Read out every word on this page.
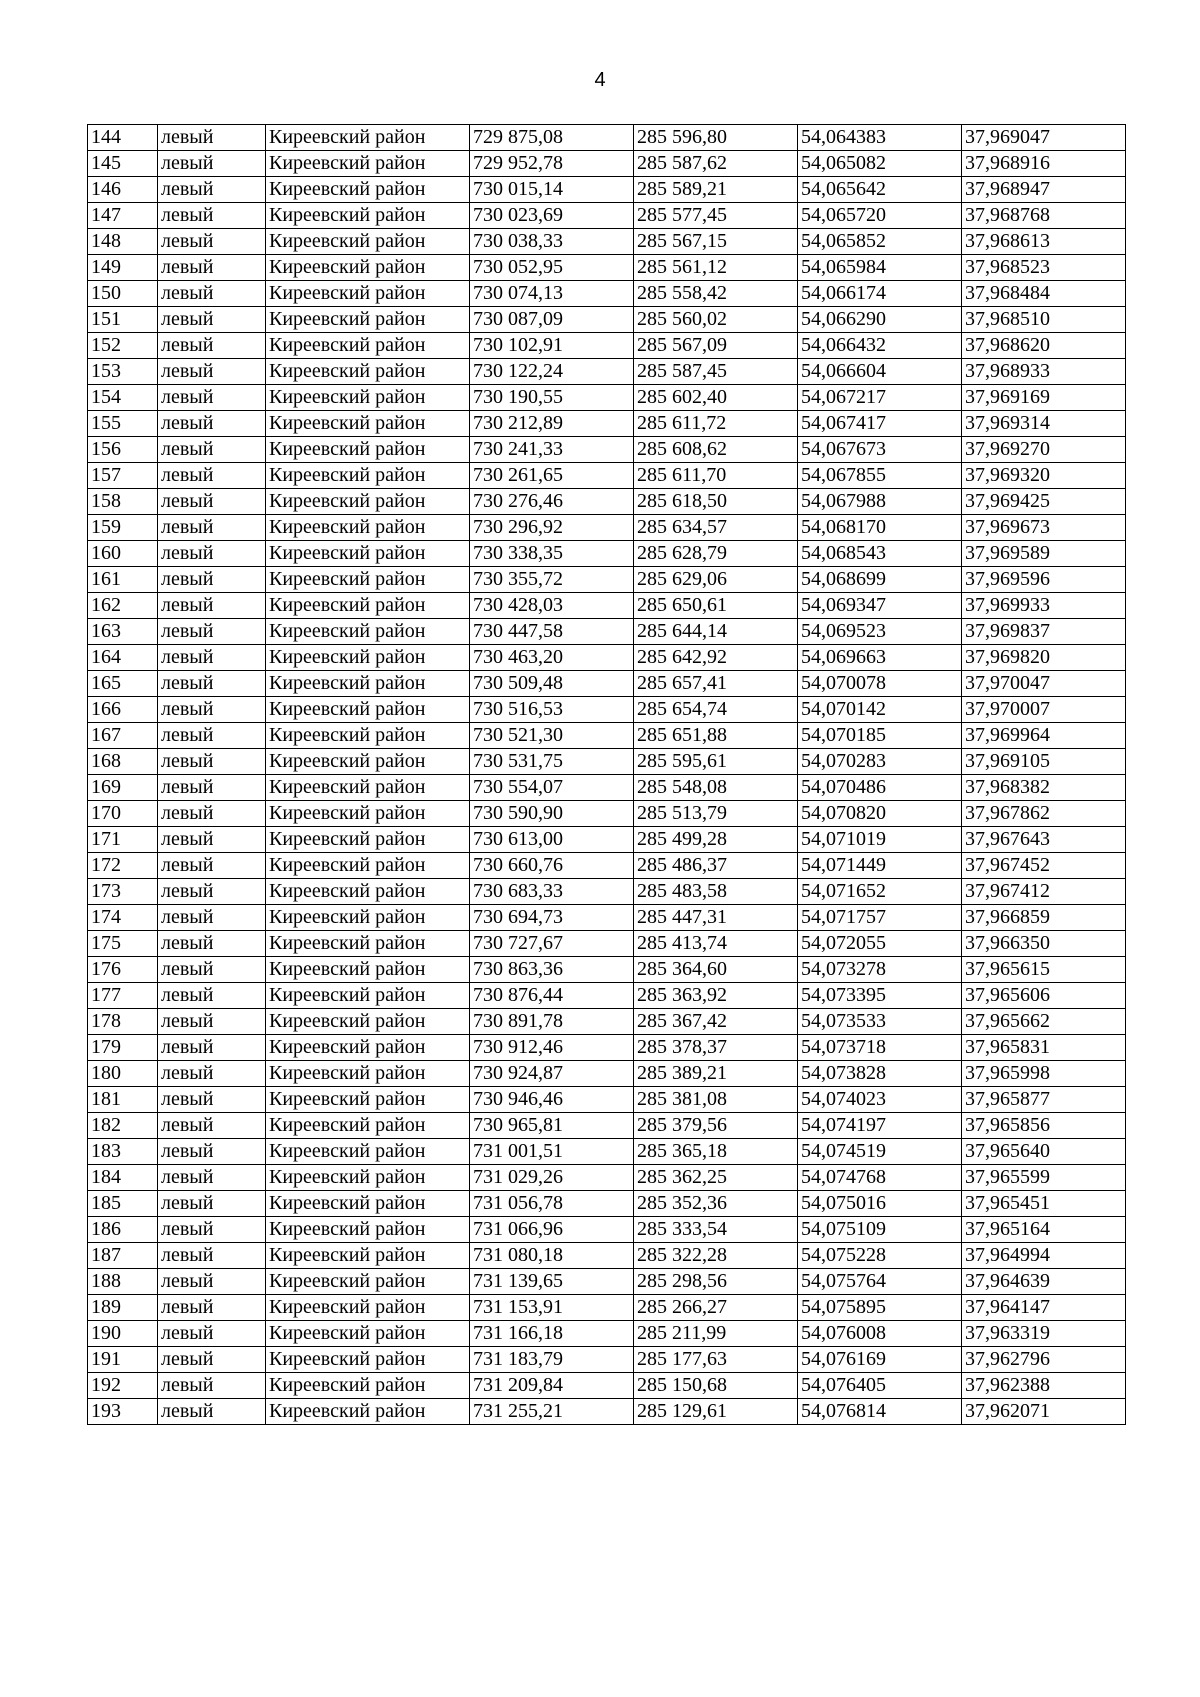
4
144	левый	Киреевский район	729 875,08	285 596,80	54,064383	37,969047
145	левый	Киреевский район	729 952,78	285 587,62	54,065082	37,968916
146	левый	Киреевский район	730 015,14	285 589,21	54,065642	37,968947
147	левый	Киреевский район	730 023,69	285 577,45	54,065720	37,968768
148	левый	Киреевский район	730 038,33	285 567,15	54,065852	37,968613
149	левый	Киреевский район	730 052,95	285 561,12	54,065984	37,968523
150	левый	Киреевский район	730 074,13	285 558,42	54,066174	37,968484
151	левый	Киреевский район	730 087,09	285 560,02	54,066290	37,968510
152	левый	Киреевский район	730 102,91	285 567,09	54,066432	37,968620
153	левый	Киреевский район	730 122,24	285 587,45	54,066604	37,968933
154	левый	Киреевский район	730 190,55	285 602,40	54,067217	37,969169
155	левый	Киреевский район	730 212,89	285 611,72	54,067417	37,969314
156	левый	Киреевский район	730 241,33	285 608,62	54,067673	37,969270
157	левый	Киреевский район	730 261,65	285 611,70	54,067855	37,969320
158	левый	Киреевский район	730 276,46	285 618,50	54,067988	37,969425
159	левый	Киреевский район	730 296,92	285 634,57	54,068170	37,969673
160	левый	Киреевский район	730 338,35	285 628,79	54,068543	37,969589
161	левый	Киреевский район	730 355,72	285 629,06	54,068699	37,969596
162	левый	Киреевский район	730 428,03	285 650,61	54,069347	37,969933
163	левый	Киреевский район	730 447,58	285 644,14	54,069523	37,969837
164	левый	Киреевский район	730 463,20	285 642,92	54,069663	37,969820
165	левый	Киреевский район	730 509,48	285 657,41	54,070078	37,970047
166	левый	Киреевский район	730 516,53	285 654,74	54,070142	37,970007
167	левый	Киреевский район	730 521,30	285 651,88	54,070185	37,969964
168	левый	Киреевский район	730 531,75	285 595,61	54,070283	37,969105
169	левый	Киреевский район	730 554,07	285 548,08	54,070486	37,968382
170	левый	Киреевский район	730 590,90	285 513,79	54,070820	37,967862
171	левый	Киреевский район	730 613,00	285 499,28	54,071019	37,967643
172	левый	Киреевский район	730 660,76	285 486,37	54,071449	37,967452
173	левый	Киреевский район	730 683,33	285 483,58	54,071652	37,967412
174	левый	Киреевский район	730 694,73	285 447,31	54,071757	37,966859
175	левый	Киреевский район	730 727,67	285 413,74	54,072055	37,966350
176	левый	Киреевский район	730 863,36	285 364,60	54,073278	37,965615
177	левый	Киреевский район	730 876,44	285 363,92	54,073395	37,965606
178	левый	Киреевский район	730 891,78	285 367,42	54,073533	37,965662
179	левый	Киреевский район	730 912,46	285 378,37	54,073718	37,965831
180	левый	Киреевский район	730 924,87	285 389,21	54,073828	37,965998
181	левый	Киреевский район	730 946,46	285 381,08	54,074023	37,965877
182	левый	Киреевский район	730 965,81	285 379,56	54,074197	37,965856
183	левый	Киреевский район	731 001,51	285 365,18	54,074519	37,965640
184	левый	Киреевский район	731 029,26	285 362,25	54,074768	37,965599
185	левый	Киреевский район	731 056,78	285 352,36	54,075016	37,965451
186	левый	Киреевский район	731 066,96	285 333,54	54,075109	37,965164
187	левый	Киреевский район	731 080,18	285 322,28	54,075228	37,964994
188	левый	Киреевский район	731 139,65	285 298,56	54,075764	37,964639
189	левый	Киреевский район	731 153,91	285 266,27	54,075895	37,964147
190	левый	Киреевский район	731 166,18	285 211,99	54,076008	37,963319
191	левый	Киреевский район	731 183,79	285 177,63	54,076169	37,962796
192	левый	Киреевский район	731 209,84	285 150,68	54,076405	37,962388
193	левый	Киреевский район	731 255,21	285 129,61	54,076814	37,962071
